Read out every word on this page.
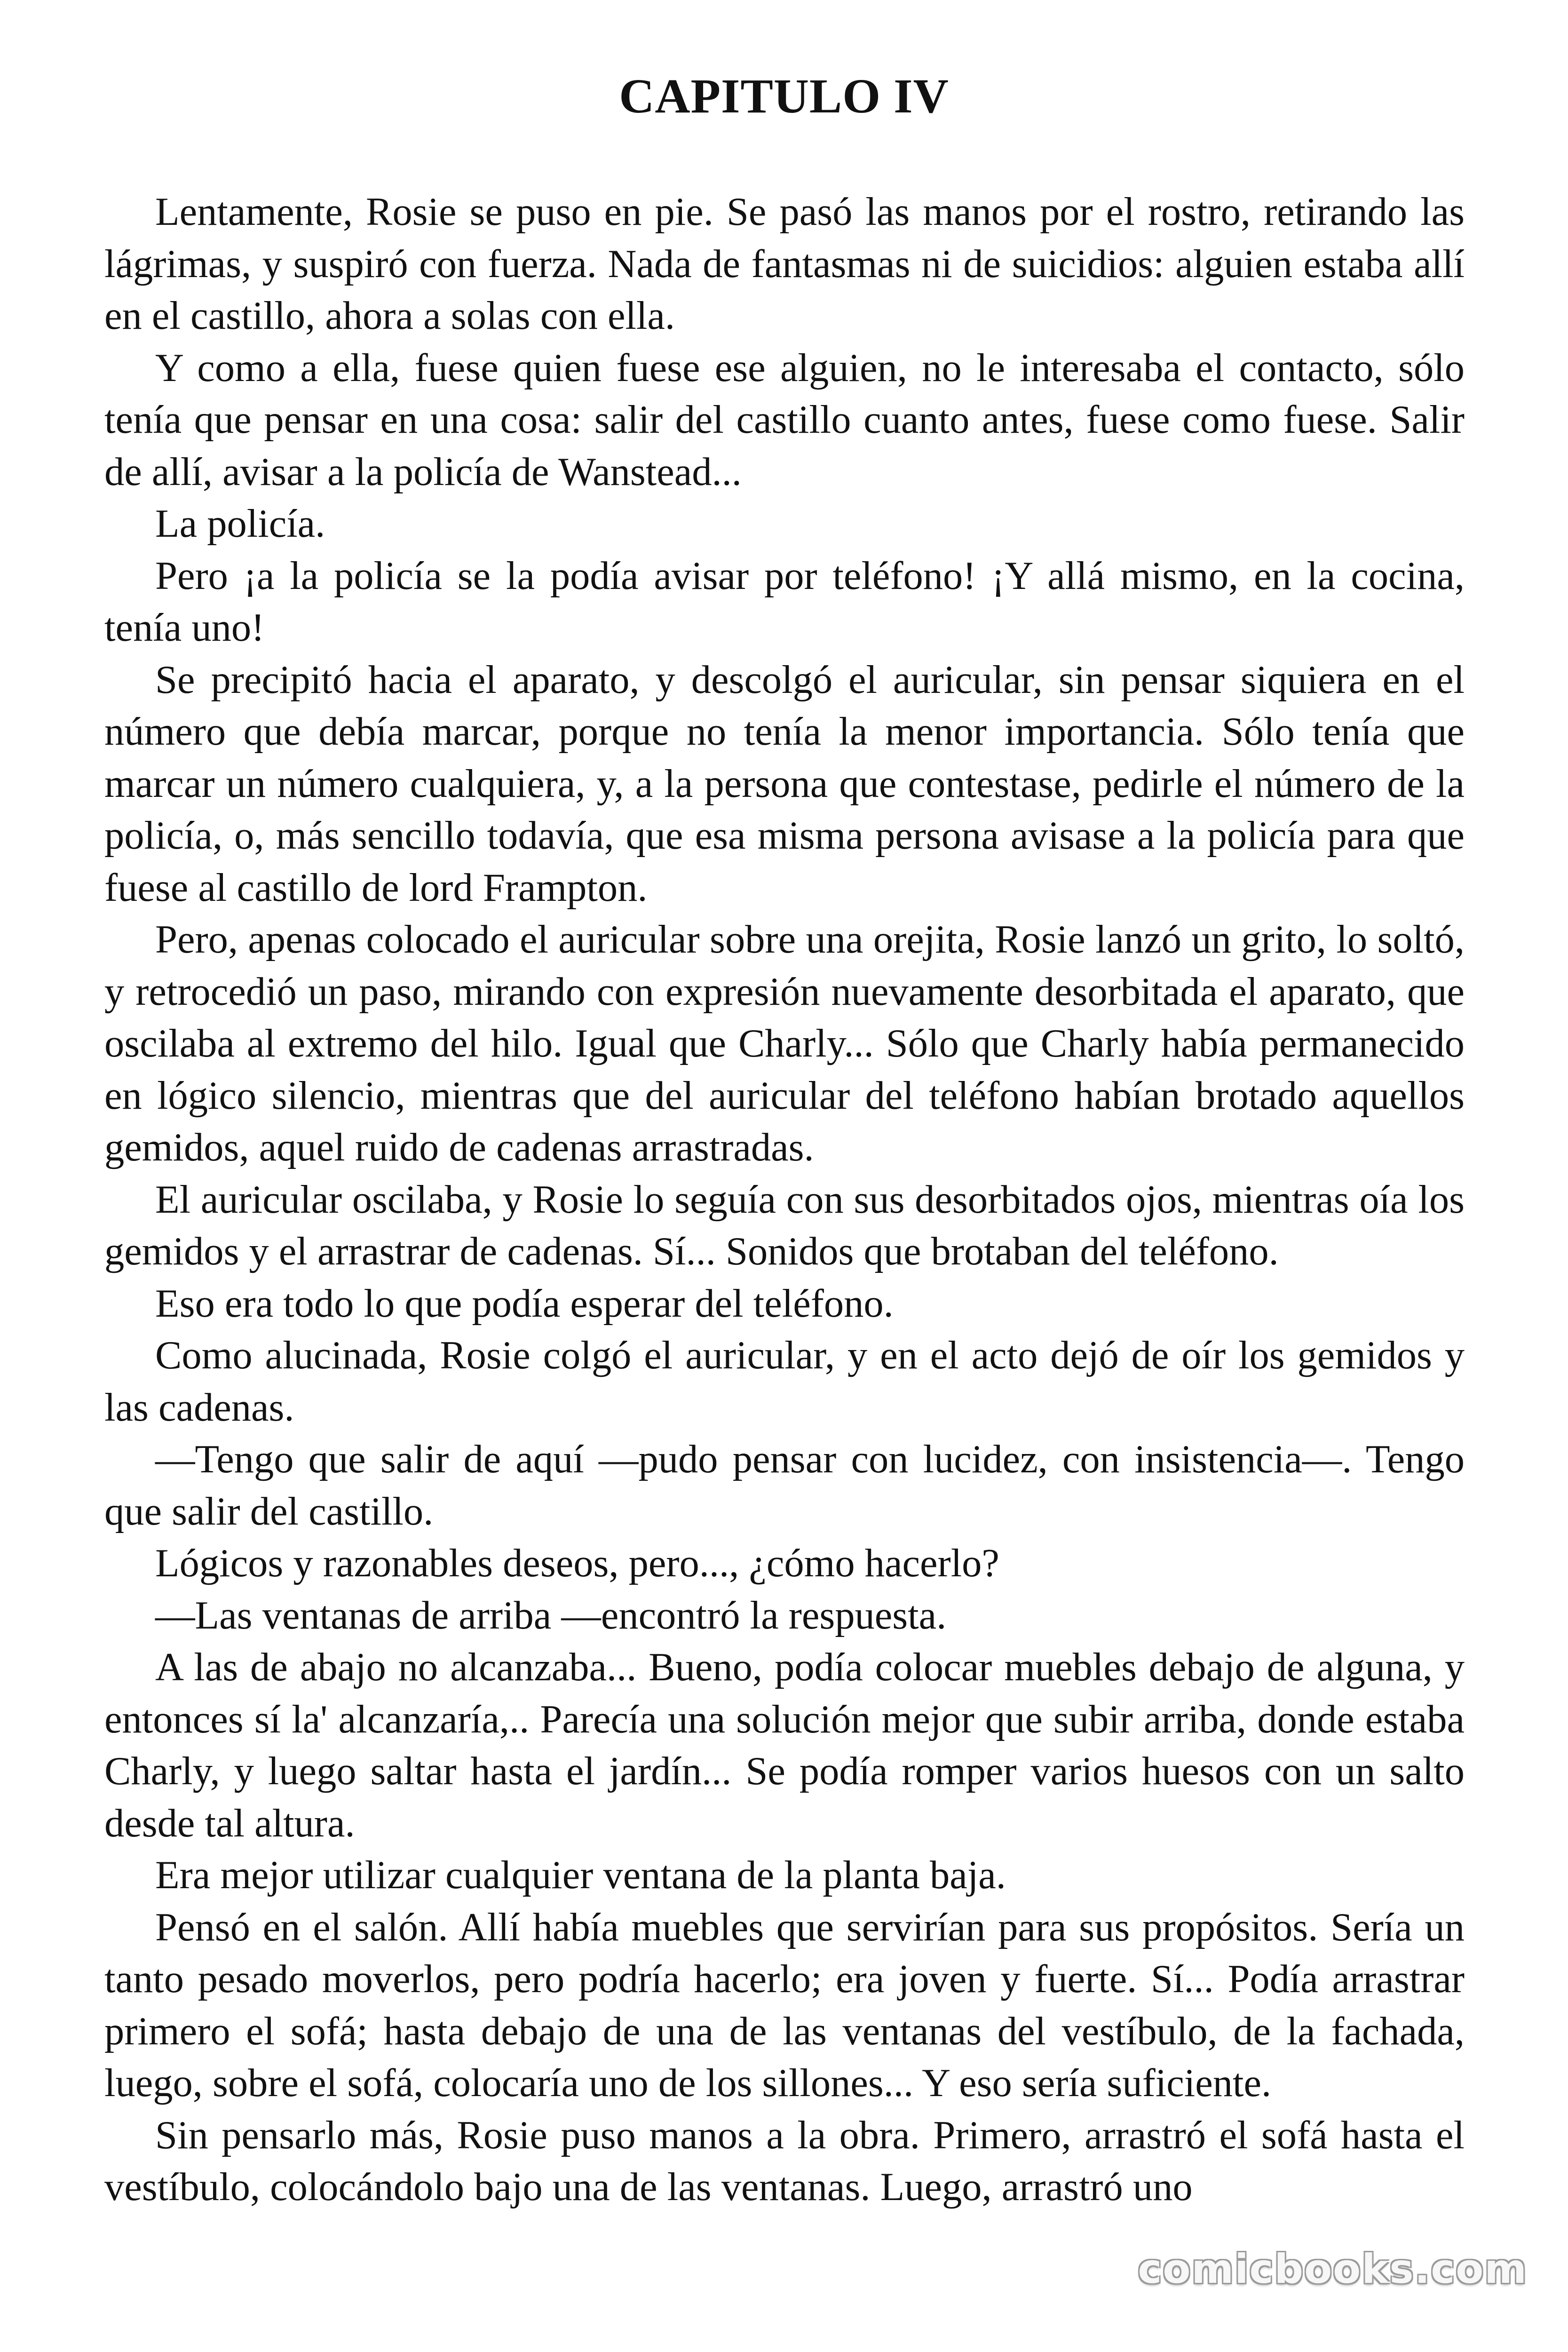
CAPITULO IV

Lentamente, Rosie se puso en pie. Se pasó las manos por el rostro, retirando las lágrimas, y suspiró con fuerza. Nada de fantasmas ni de suicidios: alguien estaba allí en el castillo, ahora a solas con ella.

Y como a ella, fuese quien fuese ese alguien, no le interesaba el contacto, sólo tenía que pensar en una cosa: salir del castillo cuanto antes, fuese como fuese. Salir de allí, avisar a la policía de Wanstead...

La policía.

Pero ¡a la policía se la podía avisar por teléfono! ¡Y allá mismo, en la cocina, tenía uno!

Se precipitó hacia el aparato, y descolgó el auricular, sin pensar siquiera en el número que debía marcar, porque no tenía la menor importancia. Sólo tenía que marcar un número cualquiera, y, a la persona que contestase, pedirle el número de la policía, o, más sencillo todavía, que esa misma persona avisase a la policía para que fuese al castillo de lord Frampton.

Pero, apenas colocado el auricular sobre una orejita, Rosie lanzó un grito, lo soltó, y retrocedió un paso, mirando con expresión nuevamente desorbitada el aparato, que oscilaba al extremo del hilo. Igual que Charly... Sólo que Charly había permanecido en lógico silencio, mientras que del auricular del teléfono habían brotado aquellos gemidos, aquel ruido de cadenas arrastradas.

El auricular oscilaba, y Rosie lo seguía con sus desorbitados ojos, mientras oía los gemidos y el arrastrar de cadenas. Sí... Sonidos que brotaban del teléfono.

Eso era todo lo que podía esperar del teléfono.

Como alucinada, Rosie colgó el auricular, y en el acto dejó de oír los gemidos y las cadenas.

—Tengo que salir de aquí —pudo pensar con lucidez, con insistencia—. Tengo que salir del castillo.

Lógicos y razonables deseos, pero..., ¿cómo hacerlo?

—Las ventanas de arriba —encontró la respuesta.

A las de abajo no alcanzaba... Bueno, podía colocar muebles debajo de alguna, y entonces sí la' alcanzaría,.. Parecía una solución mejor que subir arriba, donde estaba Charly, y luego saltar hasta el jardín... Se podía romper varios huesos con un salto desde tal altura.

Era mejor utilizar cualquier ventana de la planta baja.

Pensó en el salón. Allí había muebles que servirían para sus propósitos. Sería un tanto pesado moverlos, pero podría hacerlo; era joven y fuerte. Sí... Podía arrastrar primero el sofá; hasta debajo de una de las ventanas del vestíbulo, de la fachada, luego, sobre el sofá, colocaría uno de los sillones... Y eso sería suficiente.

Sin pensarlo más, Rosie puso manos a la obra. Primero, arrastró el sofá hasta el vestíbulo, colocándolo bajo una de las ventanas. Luego, arrastró uno

comicbooks.com
